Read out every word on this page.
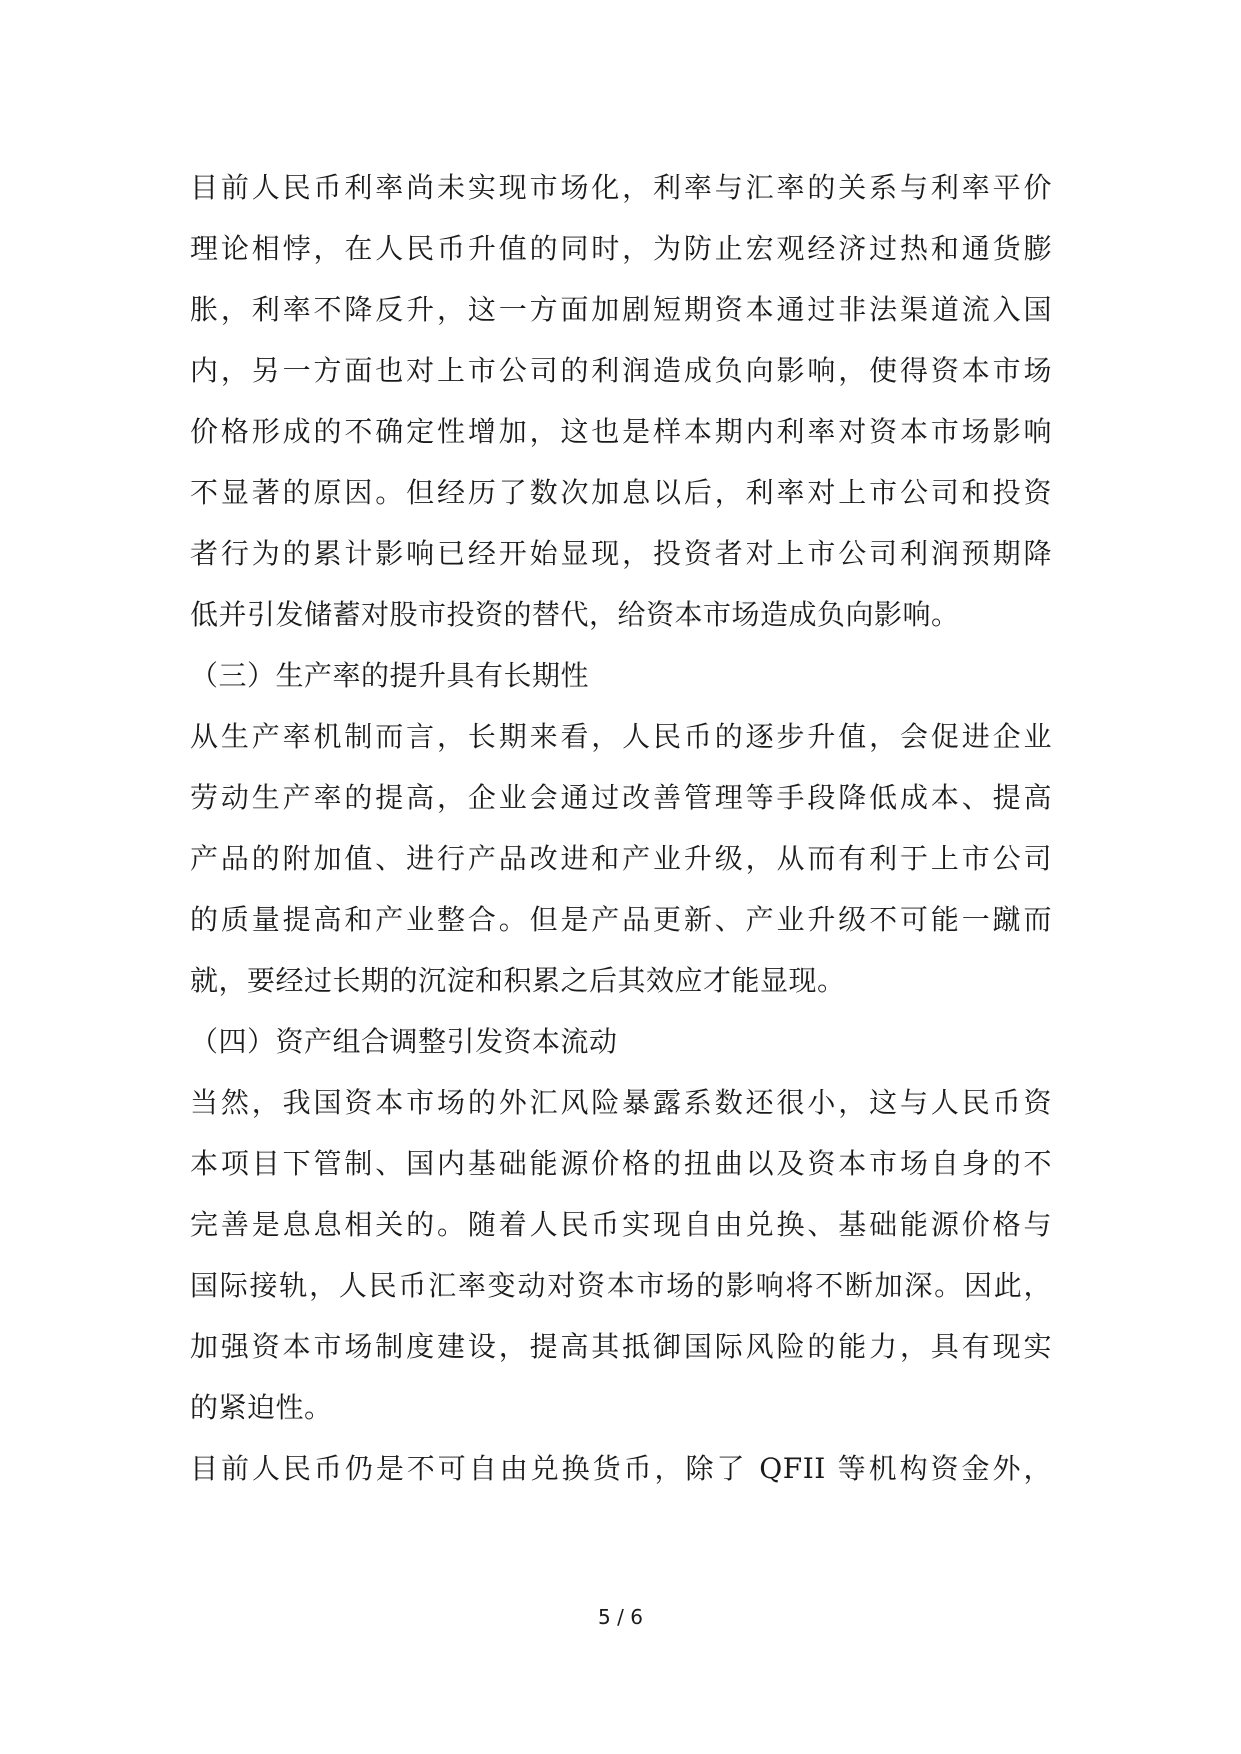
目前人民币利率尚未实现市场化，利率与汇率的关系与利率平价
理论相悖，在人民币升值的同时，为防止宏观经济过热和通货膨
胀，利率不降反升，这一方面加剧短期资本通过非法渠道流入国
内，另一方面也对上市公司的利润造成负向影响，使得资本市场
价格形成的不确定性增加，这也是样本期内利率对资本市场影响
不显著的原因。但经历了数次加息以后，利率对上市公司和投资
者行为的累计影响已经开始显现，投资者对上市公司利润预期降
低并引发储蓄对股市投资的替代，给资本市场造成负向影响。
（三）生产率的提升具有长期性
从生产率机制而言，长期来看，人民币的逐步升值，会促进企业
劳动生产率的提高，企业会通过改善管理等手段降低成本、提高
产品的附加值、进行产品改进和产业升级，从而有利于上市公司
的质量提高和产业整合。但是产品更新、产业升级不可能一蹴而
就，要经过长期的沉淀和积累之后其效应才能显现。
（四）资产组合调整引发资本流动
当然，我国资本市场的外汇风险暴露系数还很小，这与人民币资
本项目下管制、国内基础能源价格的扭曲以及资本市场自身的不
完善是息息相关的。随着人民币实现自由兑换、基础能源价格与
国际接轨，人民币汇率变动对资本市场的影响将不断加深。因此，
加强资本市场制度建设，提高其抵御国际风险的能力，具有现实
的紧迫性。
目前人民币仍是不可自由兑换货币，除了 QFII 等机构资金外，
5 / 6
